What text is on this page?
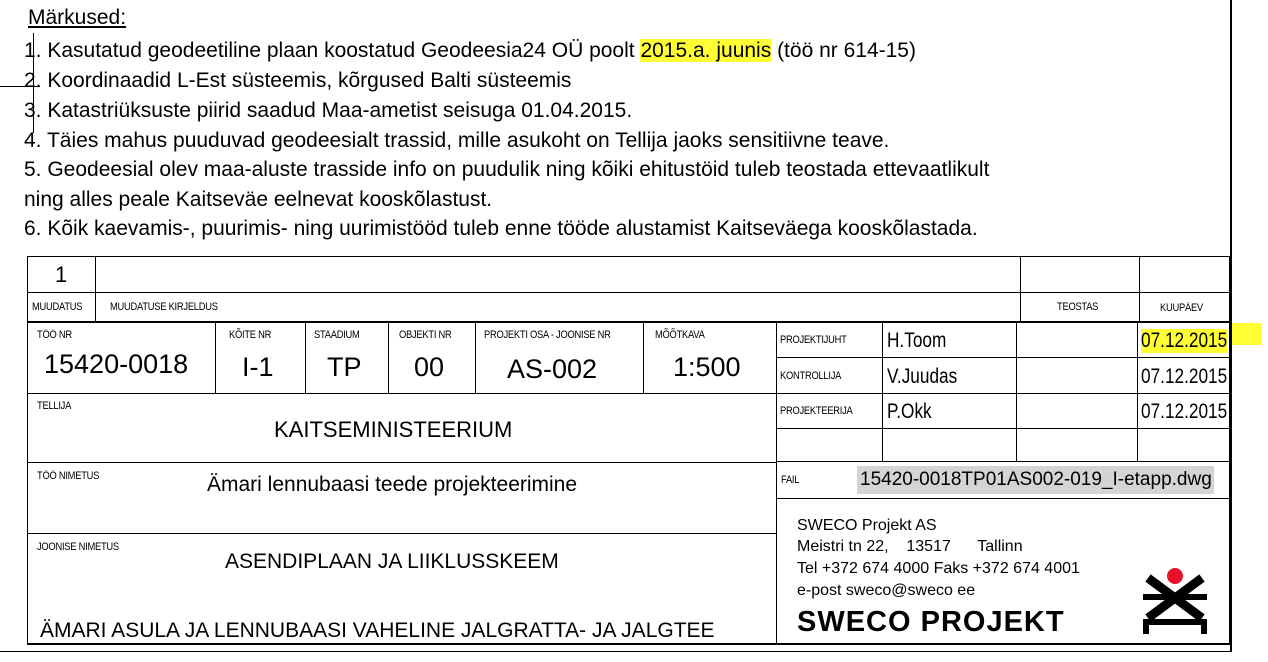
Märkused:
1. Kasutatud geodeetiline plaan koostatud Geodeesia24 OÜ poolt 2015.a. juunis (töö nr 614-15)
2. Koordinaadid L-Est süsteemis, kõrgused Balti süsteemis
3. Katastriüksuste piirid saadud Maa-ametist seisuga 01.04.2015.
4. Täies mahus puuduvad geodeesialt trassid, mille asukoht on Tellija jaoks sensitiivne teave.
5. Geodeesial olev maa-aluste trasside info on puudulik ning kõiki ehitustöid tuleb teostada ettevaatlikult
ning alles peale Kaitseväe eelnevat kooskõlastust.
6. Kõik kaevamis-, puurimis- ning uurimistööd tuleb enne tööde alustamist Kaitseväega kooskõlastada.
1
MUUDATUS	MUUDATUSE KIRJELDUS	TEOSTAS	KUUPÄEV
TÖÖ NR
15420-0018
KÕITE NR
I-1
STAADIUM
TP
OBJEKTI NR
00
PROJEKTI OSA - JOONISE NR
AS-002
MÕÕTKAVA
1:500
PROJEKTIJUHT H.Toom	07.12.2015
KONTROLLIJA V.Juudas	07.12.2015
PROJEKTEERIJA P.Okk	07.12.2015
TELLIJA
KAITSEMINISTEERIUM
TÖÖ NIMETUS	Ämari lennubaasi teede projekteerimine	FAIL	15420-0018TP01AS002-019_I-etapp.dwg
JOONISE NIMETUS
ASENDIPLAAN JA LIIKLUSSKEEM
ÄMARI ASULA JA LENNUBAASI VAHELINE JALGRATTA- JA JALGTEE
SWECO Projekt AS
Meistri tn 22,    13517      Tallinn
Tel +372 674 4000 Faks +372 674 4001
e-post sweco@sweco ee
SWECO PROJEKT
